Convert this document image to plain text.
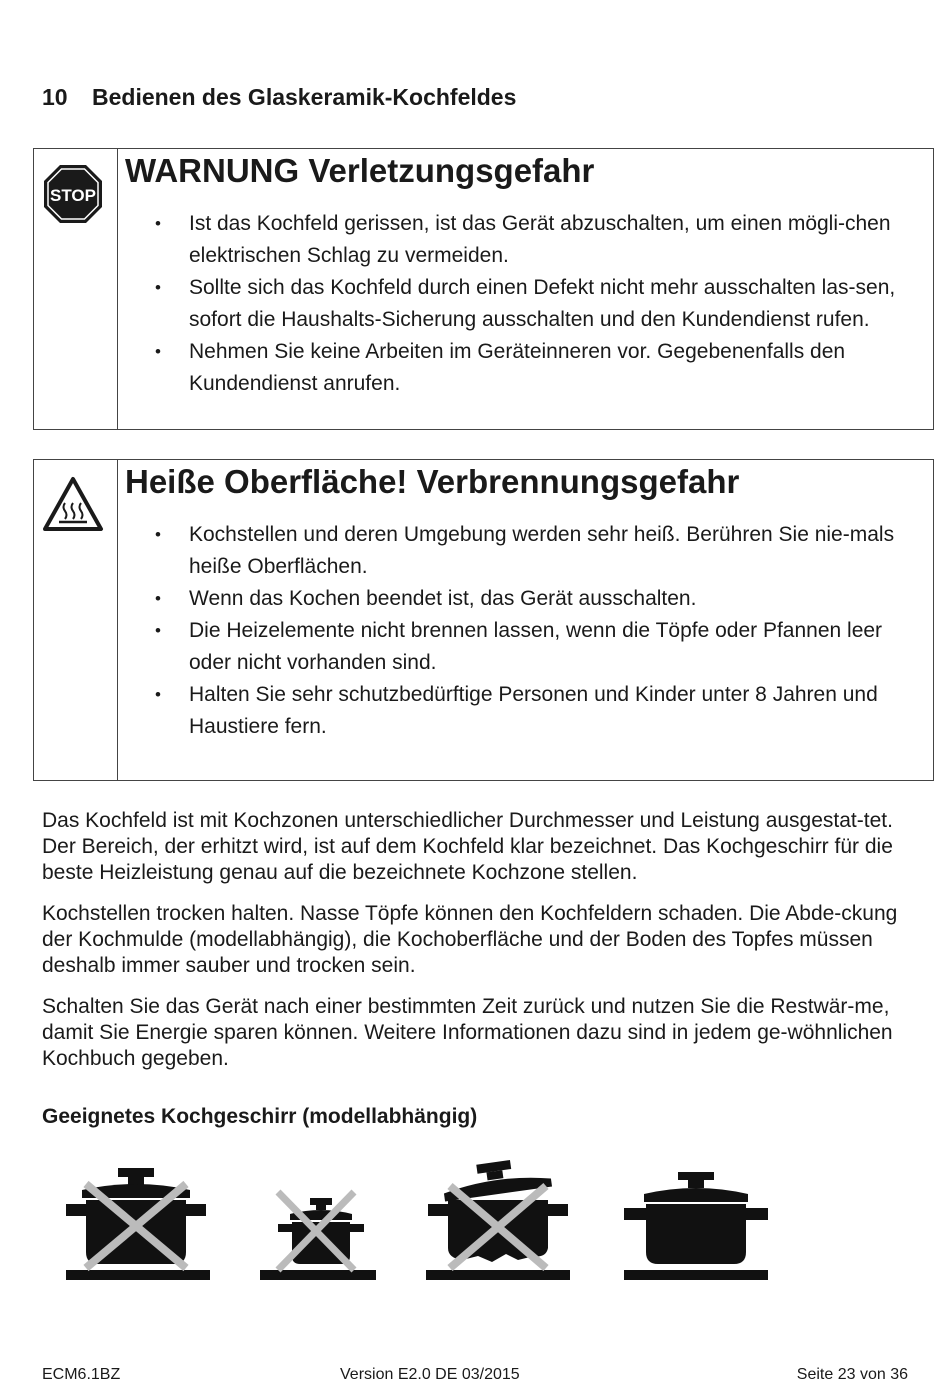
10 Bedienen des Glaskeramik-Kochfeldes
STOP
WARNUNG Verletzungsgefahr
• Ist das Kochfeld gerissen, ist das Gerät abzuschalten, um einen mögli-chen elektrischen Schlag zu vermeiden.
• Sollte sich das Kochfeld durch einen Defekt nicht mehr ausschalten las-sen, sofort die Haushalts-Sicherung ausschalten und den Kundendienst rufen.
• Nehmen Sie keine Arbeiten im Geräteinneren vor. Gegebenenfalls den Kundendienst anrufen.
Heiße Oberfläche! Verbrennungsgefahr
• Kochstellen und deren Umgebung werden sehr heiß. Berühren Sie nie-mals heiße Oberflächen.
• Wenn das Kochen beendet ist, das Gerät ausschalten.
• Die Heizelemente nicht brennen lassen, wenn die Töpfe oder Pfannen leer oder nicht vorhanden sind.
• Halten Sie sehr schutzbedürftige Personen und Kinder unter 8 Jahren und Haustiere fern.

Das Kochfeld ist mit Kochzonen unterschiedlicher Durchmesser und Leistung ausgestat-tet. Der Bereich, der erhitzt wird, ist auf dem Kochfeld klar bezeichnet. Das Kochgeschirr für die beste Heizleistung genau auf die bezeichnete Kochzone stellen.

Kochstellen trocken halten. Nasse Töpfe können den Kochfeldern schaden. Die Abde-ckung der Kochmulde (modellabhängig), die Kochoberfläche und der Boden des Topfes müssen deshalb immer sauber und trocken sein.

Schalten Sie das Gerät nach einer bestimmten Zeit zurück und nutzen Sie die Restwär-me, damit Sie Energie sparen können. Weitere Informationen dazu sind in jedem ge-wöhnlichen Kochbuch gegeben.

Geeignetes Kochgeschirr (modellabhängig)
ECM6.1BZ	Version E2.0 DE 03/2015	Seite 23 von 36
